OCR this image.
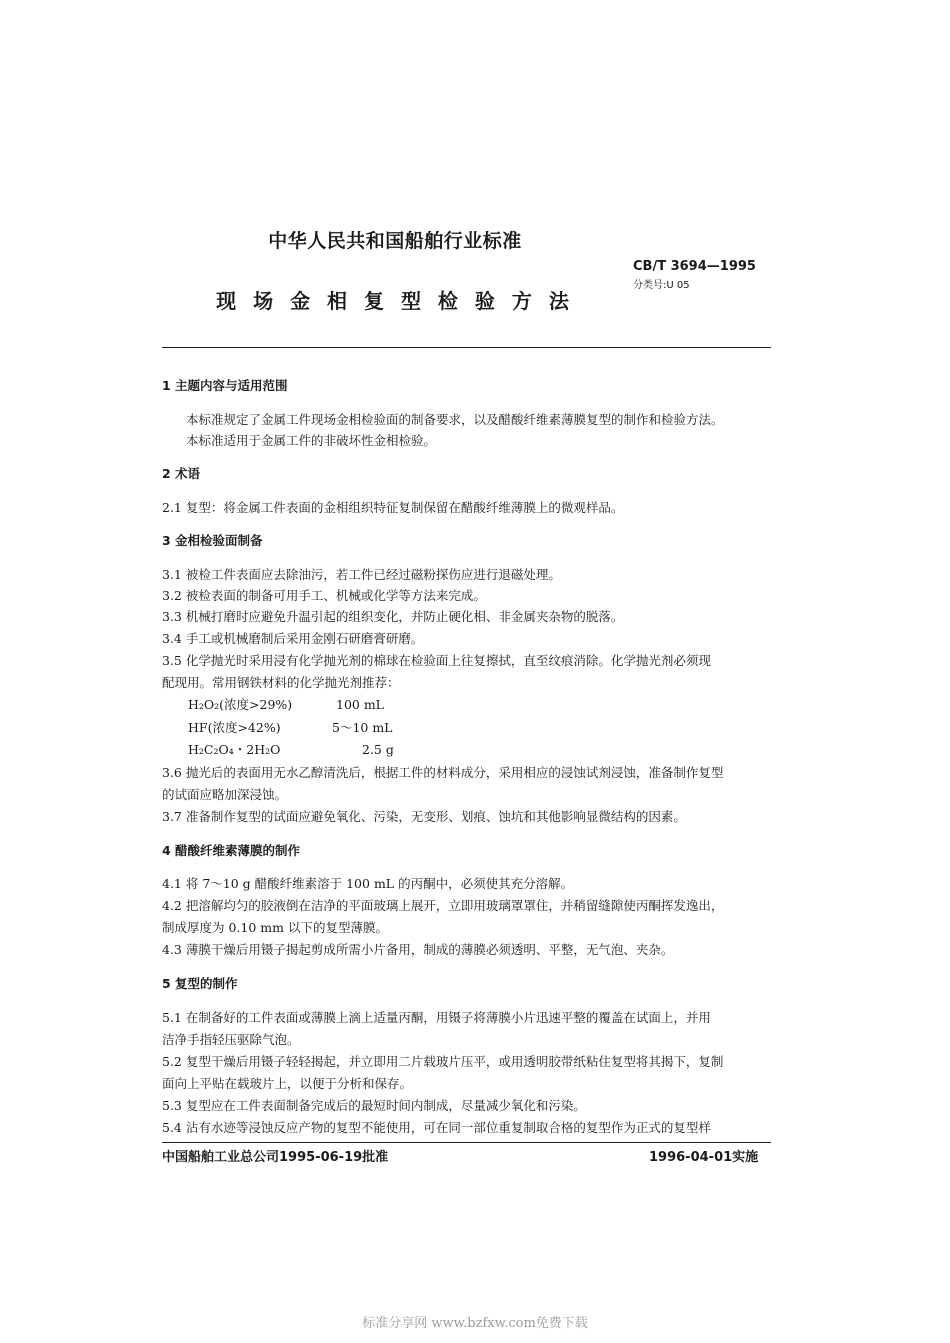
中华人民共和国船舶行业标准
CB/T 3694—1995
分类号:U 05
现 场 金 相 复 型 检 验 方 法
1 主题内容与适用范围
本标准规定了金属工件现场金相检验面的制备要求，以及醋酸纤维素薄膜复型的制作和检验方法。
本标准适用于金属工件的非破坏性金相检验。
2 术语
2.1 复型：将金属工件表面的金相组织特征复制保留在醋酸纤维薄膜上的微观样品。
3 金相检验面制备
3.1 被检工件表面应去除油污，若工件已经过磁粉探伤应进行退磁处理。
3.2 被检表面的制备可用手工、机械或化学等方法来完成。
3.3 机械打磨时应避免升温引起的组织变化，并防止硬化相、非金属夹杂物的脱落。
3.4 手工或机械磨制后采用金刚石研磨膏研磨。
3.5 化学抛光时采用浸有化学抛光剂的棉球在检验面上往复擦拭，直至纹痕消除。化学抛光剂必须现
配现用。常用钢铁材料的化学抛光剂推荐：
H₂O₂(浓度>29%)	100 mL
HF(浓度>42%)	5～10 mL
H₂C₂O₄・2H₂O	2.5 g
3.6 抛光后的表面用无水乙醇清洗后，根据工件的材料成分，采用相应的浸蚀试剂浸蚀，准备制作复型
的试面应略加深浸蚀。
3.7 准备制作复型的试面应避免氧化、污染，无变形、划痕、蚀坑和其他影响显微结构的因素。
4 醋酸纤维素薄膜的制作
4.1 将 7～10 g 醋酸纤维素溶于 100 mL 的丙酮中，必须使其充分溶解。
4.2 把溶解均匀的胶液倒在洁净的平面玻璃上展开，立即用玻璃罩罩住，并稍留缝隙使丙酮挥发逸出，
制成厚度为 0.10 mm 以下的复型薄膜。
4.3 薄膜干燥后用镊子揭起剪成所需小片备用，制成的薄膜必须透明、平整，无气泡、夹杂。
5 复型的制作
5.1 在制备好的工件表面或薄膜上滴上适量丙酮，用镊子将薄膜小片迅速平整的覆盖在试面上，并用
洁净手指轻压驱除气泡。
5.2 复型干燥后用镊子轻轻揭起，并立即用二片载玻片压平，或用透明胶带纸粘住复型将其揭下，复制
面向上平贴在载玻片上，以便于分析和保存。
5.3 复型应在工件表面制备完成后的最短时间内制成，尽量减少氧化和污染。
5.4 沾有水迹等浸蚀反应产物的复型不能使用，可在同一部位重复制取合格的复型作为正式的复型样
中国船舶工业总公司1995-06-19批准	1996-04-01实施
标准分享网 www.bzfxw.com免费下载
